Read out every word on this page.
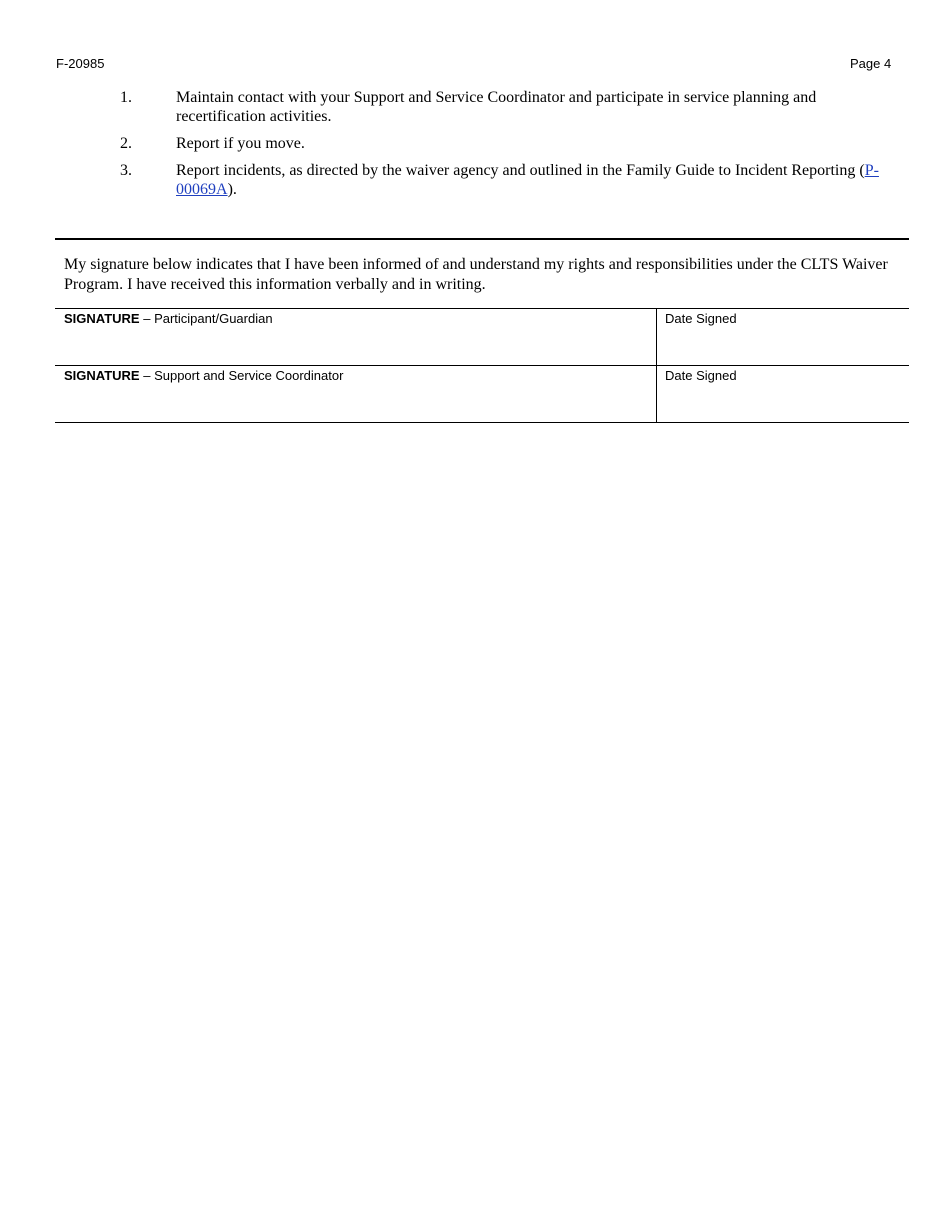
F-20985	Page 4
1.	Maintain contact with your Support and Service Coordinator and participate in service planning and recertification activities.
2.	Report if you move.
3.	Report incidents, as directed by the waiver agency and outlined in the Family Guide to Incident Reporting (P-00069A).
My signature below indicates that I have been informed of and understand my rights and responsibilities under the CLTS Waiver Program. I have received this information verbally and in writing.
SIGNATURE – Participant/Guardian	Date Signed
SIGNATURE – Support and Service Coordinator	Date Signed
